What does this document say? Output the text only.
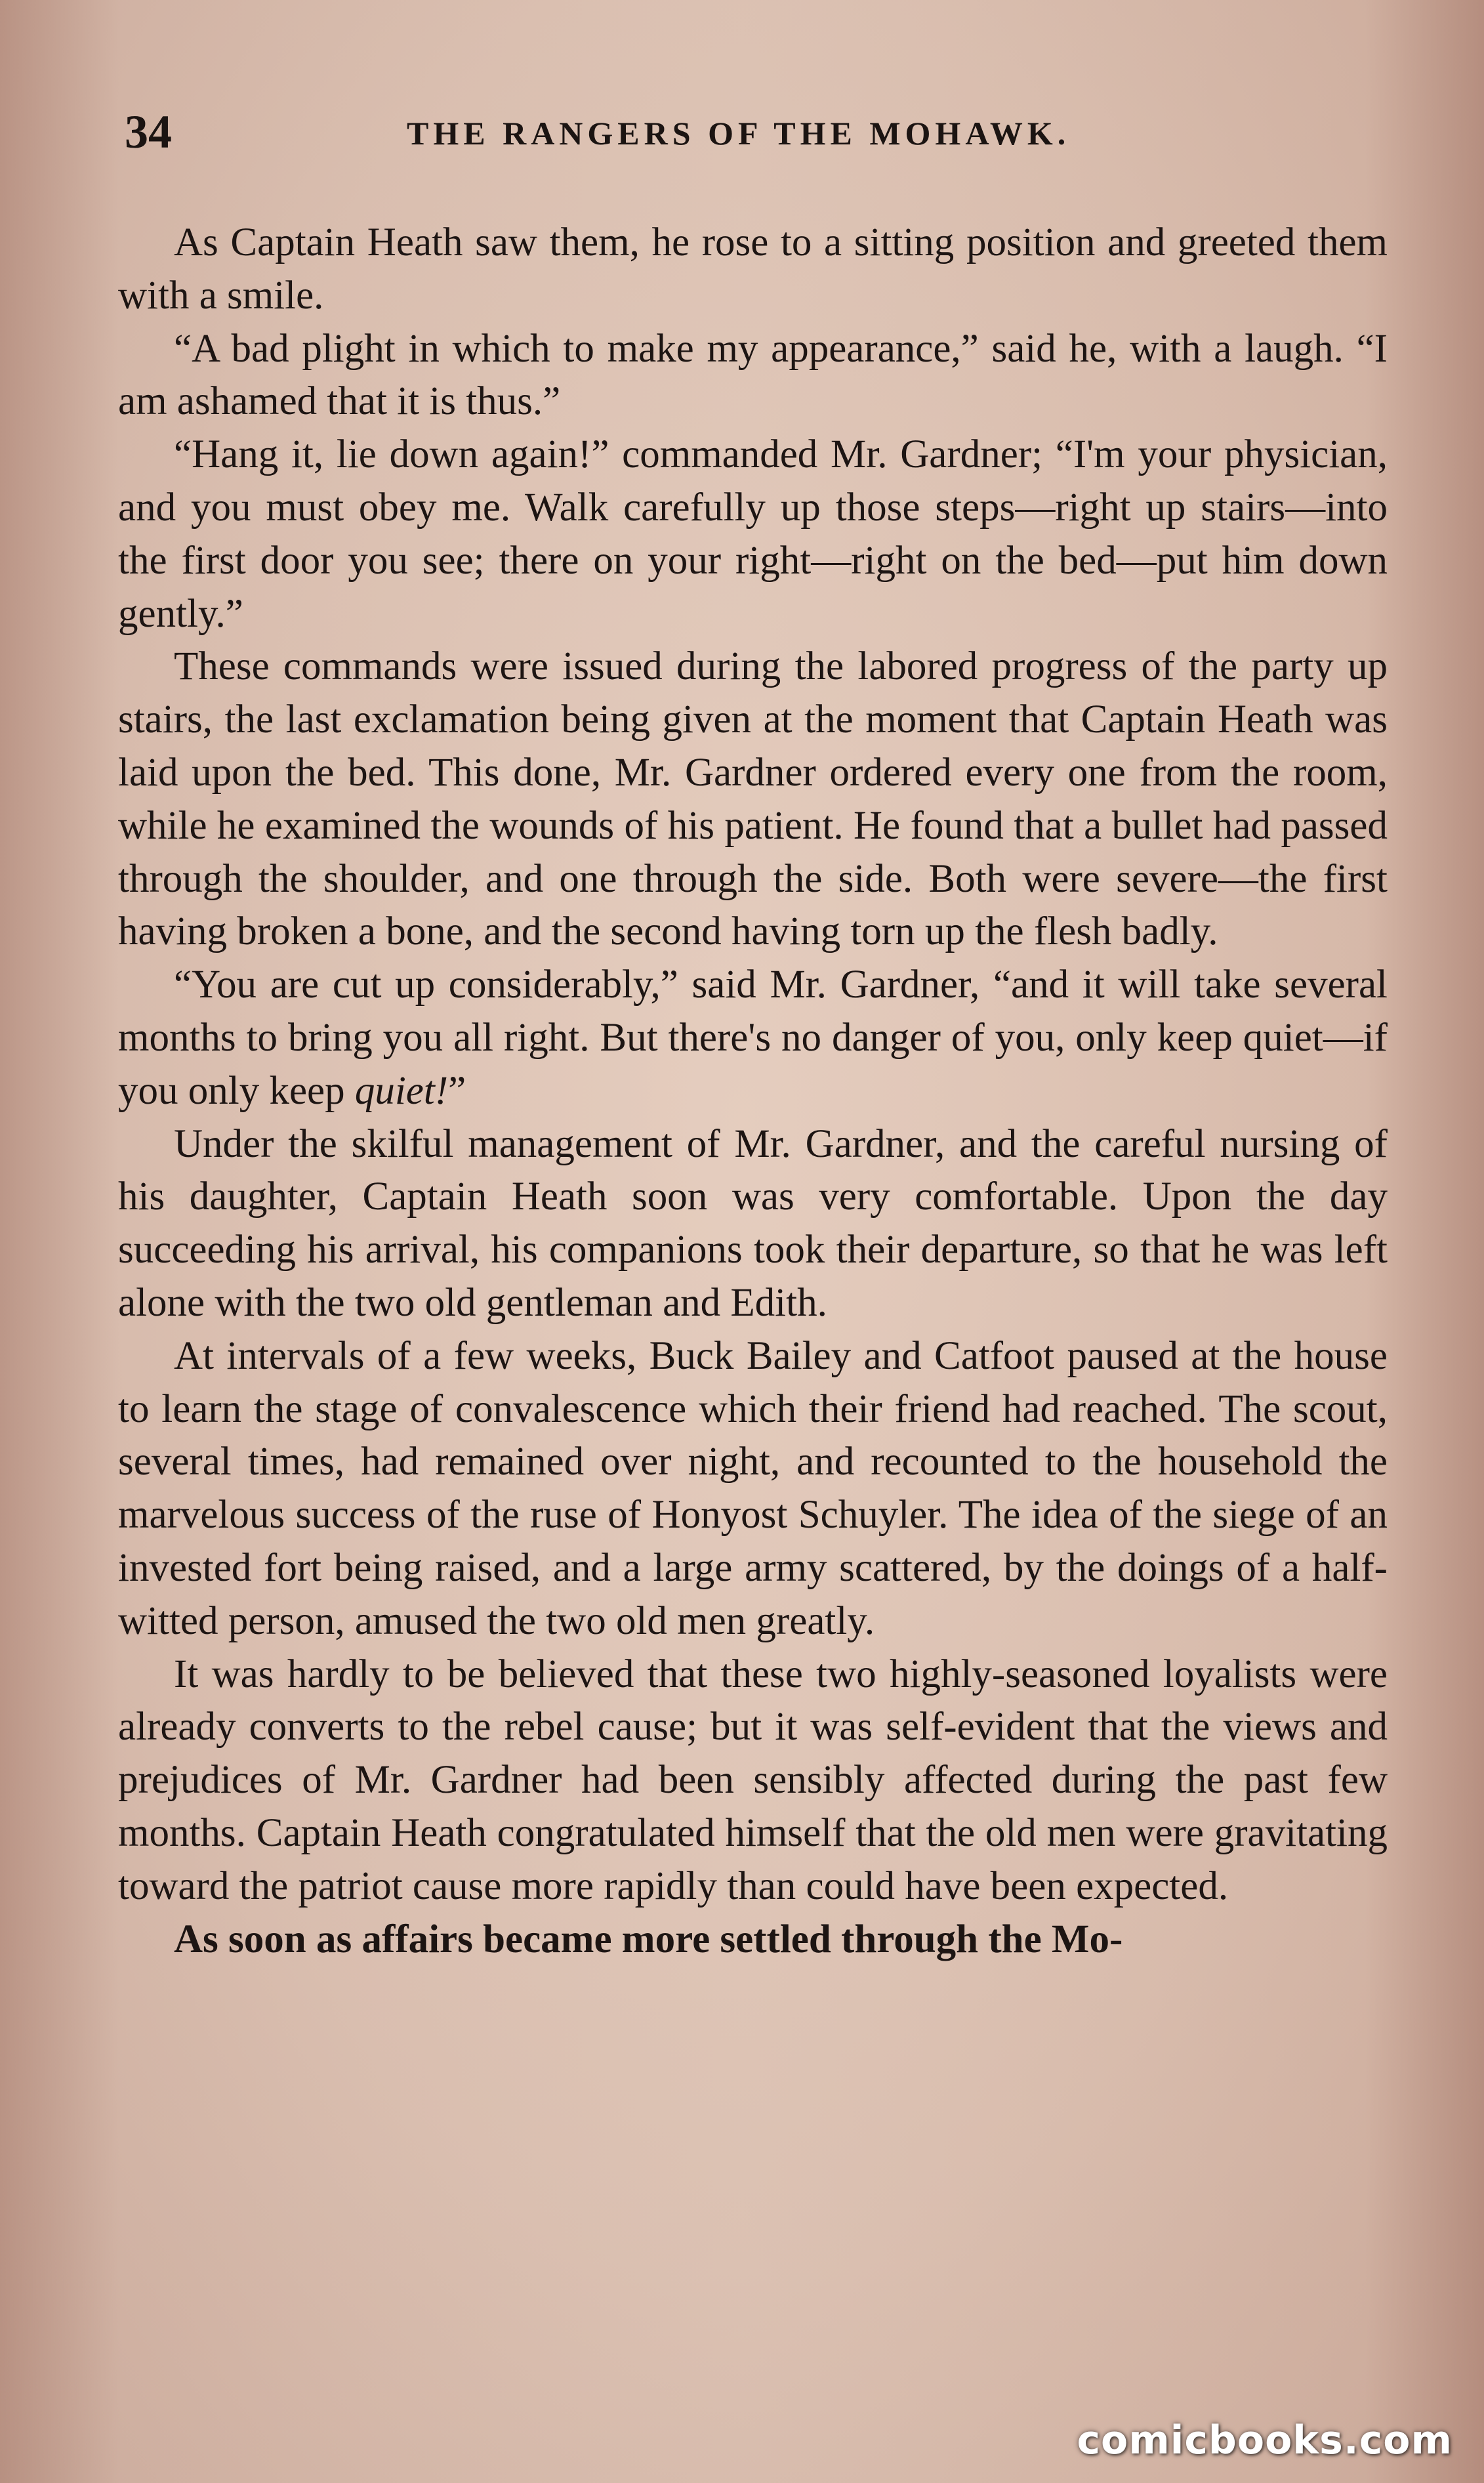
34	THE RANGERS OF THE MOHAWK.

As Captain Heath saw them, he rose to a sitting position and greeted them with a smile.

“A bad plight in which to make my appearance,” said he, with a laugh. “I am ashamed that it is thus.”

“Hang it, lie down again!” commanded Mr. Gardner; “I'm your physician, and you must obey me. Walk carefully up those steps—right up stairs—into the first door you see; there on your right—right on the bed—put him down gently.”

These commands were issued during the labored progress of the party up stairs, the last exclamation being given at the moment that Captain Heath was laid upon the bed. This done, Mr. Gardner ordered every one from the room, while he examined the wounds of his patient. He found that a bullet had passed through the shoulder, and one through the side. Both were severe—the first having broken a bone, and the second having torn up the flesh badly.

“You are cut up considerably,” said Mr. Gardner, “and it will take several months to bring you all right. But there's no danger of you, only keep quiet—if you only keep quiet!”

Under the skilful management of Mr. Gardner, and the careful nursing of his daughter, Captain Heath soon was very comfortable. Upon the day succeeding his arrival, his companions took their departure, so that he was left alone with the two old gentleman and Edith.

At intervals of a few weeks, Buck Bailey and Catfoot paused at the house to learn the stage of convalescence which their friend had reached. The scout, several times, had remained over night, and recounted to the household the marvelous success of the ruse of Honyost Schuyler. The idea of the siege of an invested fort being raised, and a large army scattered, by the doings of a half-witted person, amused the two old men greatly.

It was hardly to be believed that these two highly-seasoned loyalists were already converts to the rebel cause; but it was self-evident that the views and prejudices of Mr. Gardner had been sensibly affected during the past few months. Captain Heath congratulated himself that the old men were gravitating toward the patriot cause more rapidly than could have been expected.

As soon as affairs became more settled through the Mo-

comicbooks.com
